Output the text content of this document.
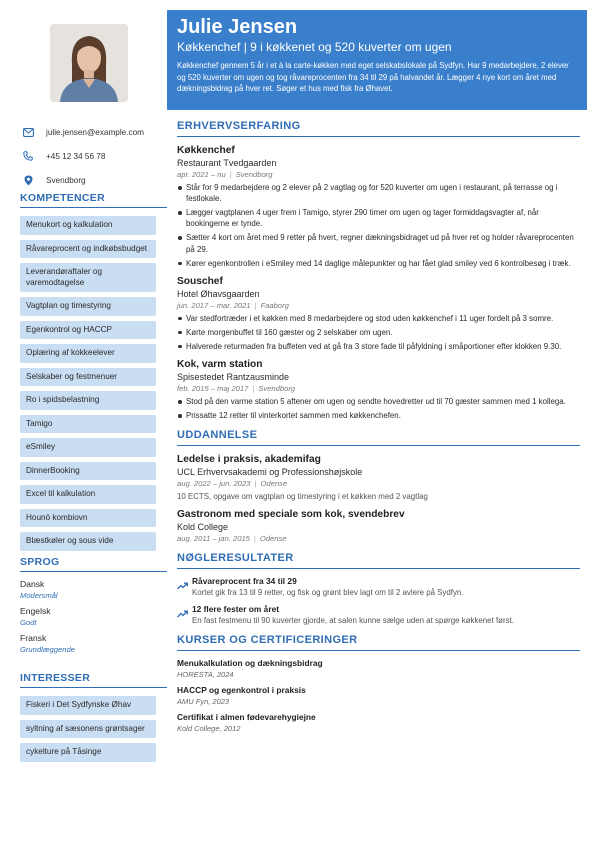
julie.jensen@example.com
+45 12 34 56 78
Svendborg
KOMPETENCER
Menukort og kalkulation
Råvareprocent og indkøbsbudget
Leverandøraftaler og varemodtagelse
Vagtplan og timestyring
Egenkontrol og HACCP
Oplæring af kokkeelever
Selskaber og festmenuer
Ro i spidsbelastning
Tamigo
eSmiley
DinnerBooking
Excel til kalkulation
Hounö kombiovn
Blæstkøler og sous vide
SPROG
Dansk
Modersmål
Engelsk
Godt
Fransk
Grundlæggende
INTERESSER
Fiskeri i Det Sydfynske Øhav
syltning af sæsonens grøntsager
cykelture på Tåsinge
Julie Jensen
Køkkenchef | 9 i køkkenet og 520 kuverter om ugen
Køkkenchef gennem 5 år i et à la carte-køkken med eget selskabslokale på Sydfyn. Har 9 medarbejdere, 2 elever og 520 kuverter om ugen og tog råvareprocenten fra 34 til 29 på halvandet år. Lægger 4 nye kort om året med dækningsbidrag på hver ret. Søger et hus med fisk fra Øhavet.
ERHVERVSERFARING
Køkkenchef
Restaurant Tvedgaarden
apr. 2021 – nu | Svendborg
Står for 9 medarbejdere og 2 elever på 2 vagtlag og for 520 kuverter om ugen i restaurant, på terrasse og i festlokale.
Lægger vagtplanen 4 uger frem i Tamigo, styrer 290 timer om ugen og tager formiddagsvagter af, når bookingerne er tynde.
Sætter 4 kort om året med 9 retter på hvert, regner dækningsbidraget ud på hver ret og holder råvareprocenten på 29.
Kører egenkontrollen i eSmiley med 14 daglige målepunkter og har fået glad smiley ved 6 kontrolbesøg i træk.
Souschef
Hotel Øhavsgaarden
jun. 2017 – mar. 2021 | Faaborg
Var stedfortræder i et køkken med 8 medarbejdere og stod uden køkkenchef i 11 uger fordelt på 3 somre.
Kørte morgenbuffet til 160 gæster og 2 selskaber om ugen.
Halverede returmaden fra buffeten ved at gå fra 3 store fade til påfyldning i småportioner efter klokken 9.30.
Kok, varm station
Spisestedet Rantzausminde
feb. 2015 – maj 2017 | Svendborg
Stod på den varme station 5 aftener om ugen og sendte hovedretter ud til 70 gæster sammen med 1 kollega.
Prissatte 12 retter til vinterkortet sammen med køkkenchefen.
UDDANNELSE
Ledelse i praksis, akademifag
UCL Erhvervsakademi og Professionshøjskole
aug. 2022 – jun. 2023 | Odense
10 ECTS, opgave om vagtplan og timestyring i et køkken med 2 vagtlag
Gastronom med speciale som kok, svendebrev
Kold College
aug. 2011 – jan. 2015 | Odense
NØGLERESULTATER
Råvareprocent fra 34 til 29
Kortet gik fra 13 til 9 retter, og fisk og grønt blev lagt om til 2 avlere på Sydfyn.
12 flere fester om året
En fast festmenu til 90 kuverter gjorde, at salen kunne sælge uden at spørge køkkenet først.
KURSER OG CERTIFICERINGER
Menukalkulation og dækningsbidrag
HORESTA, 2024
HACCP og egenkontrol i praksis
AMU Fyn, 2023
Certifikat i almen fødevarehygiejne
Kold College, 2012
